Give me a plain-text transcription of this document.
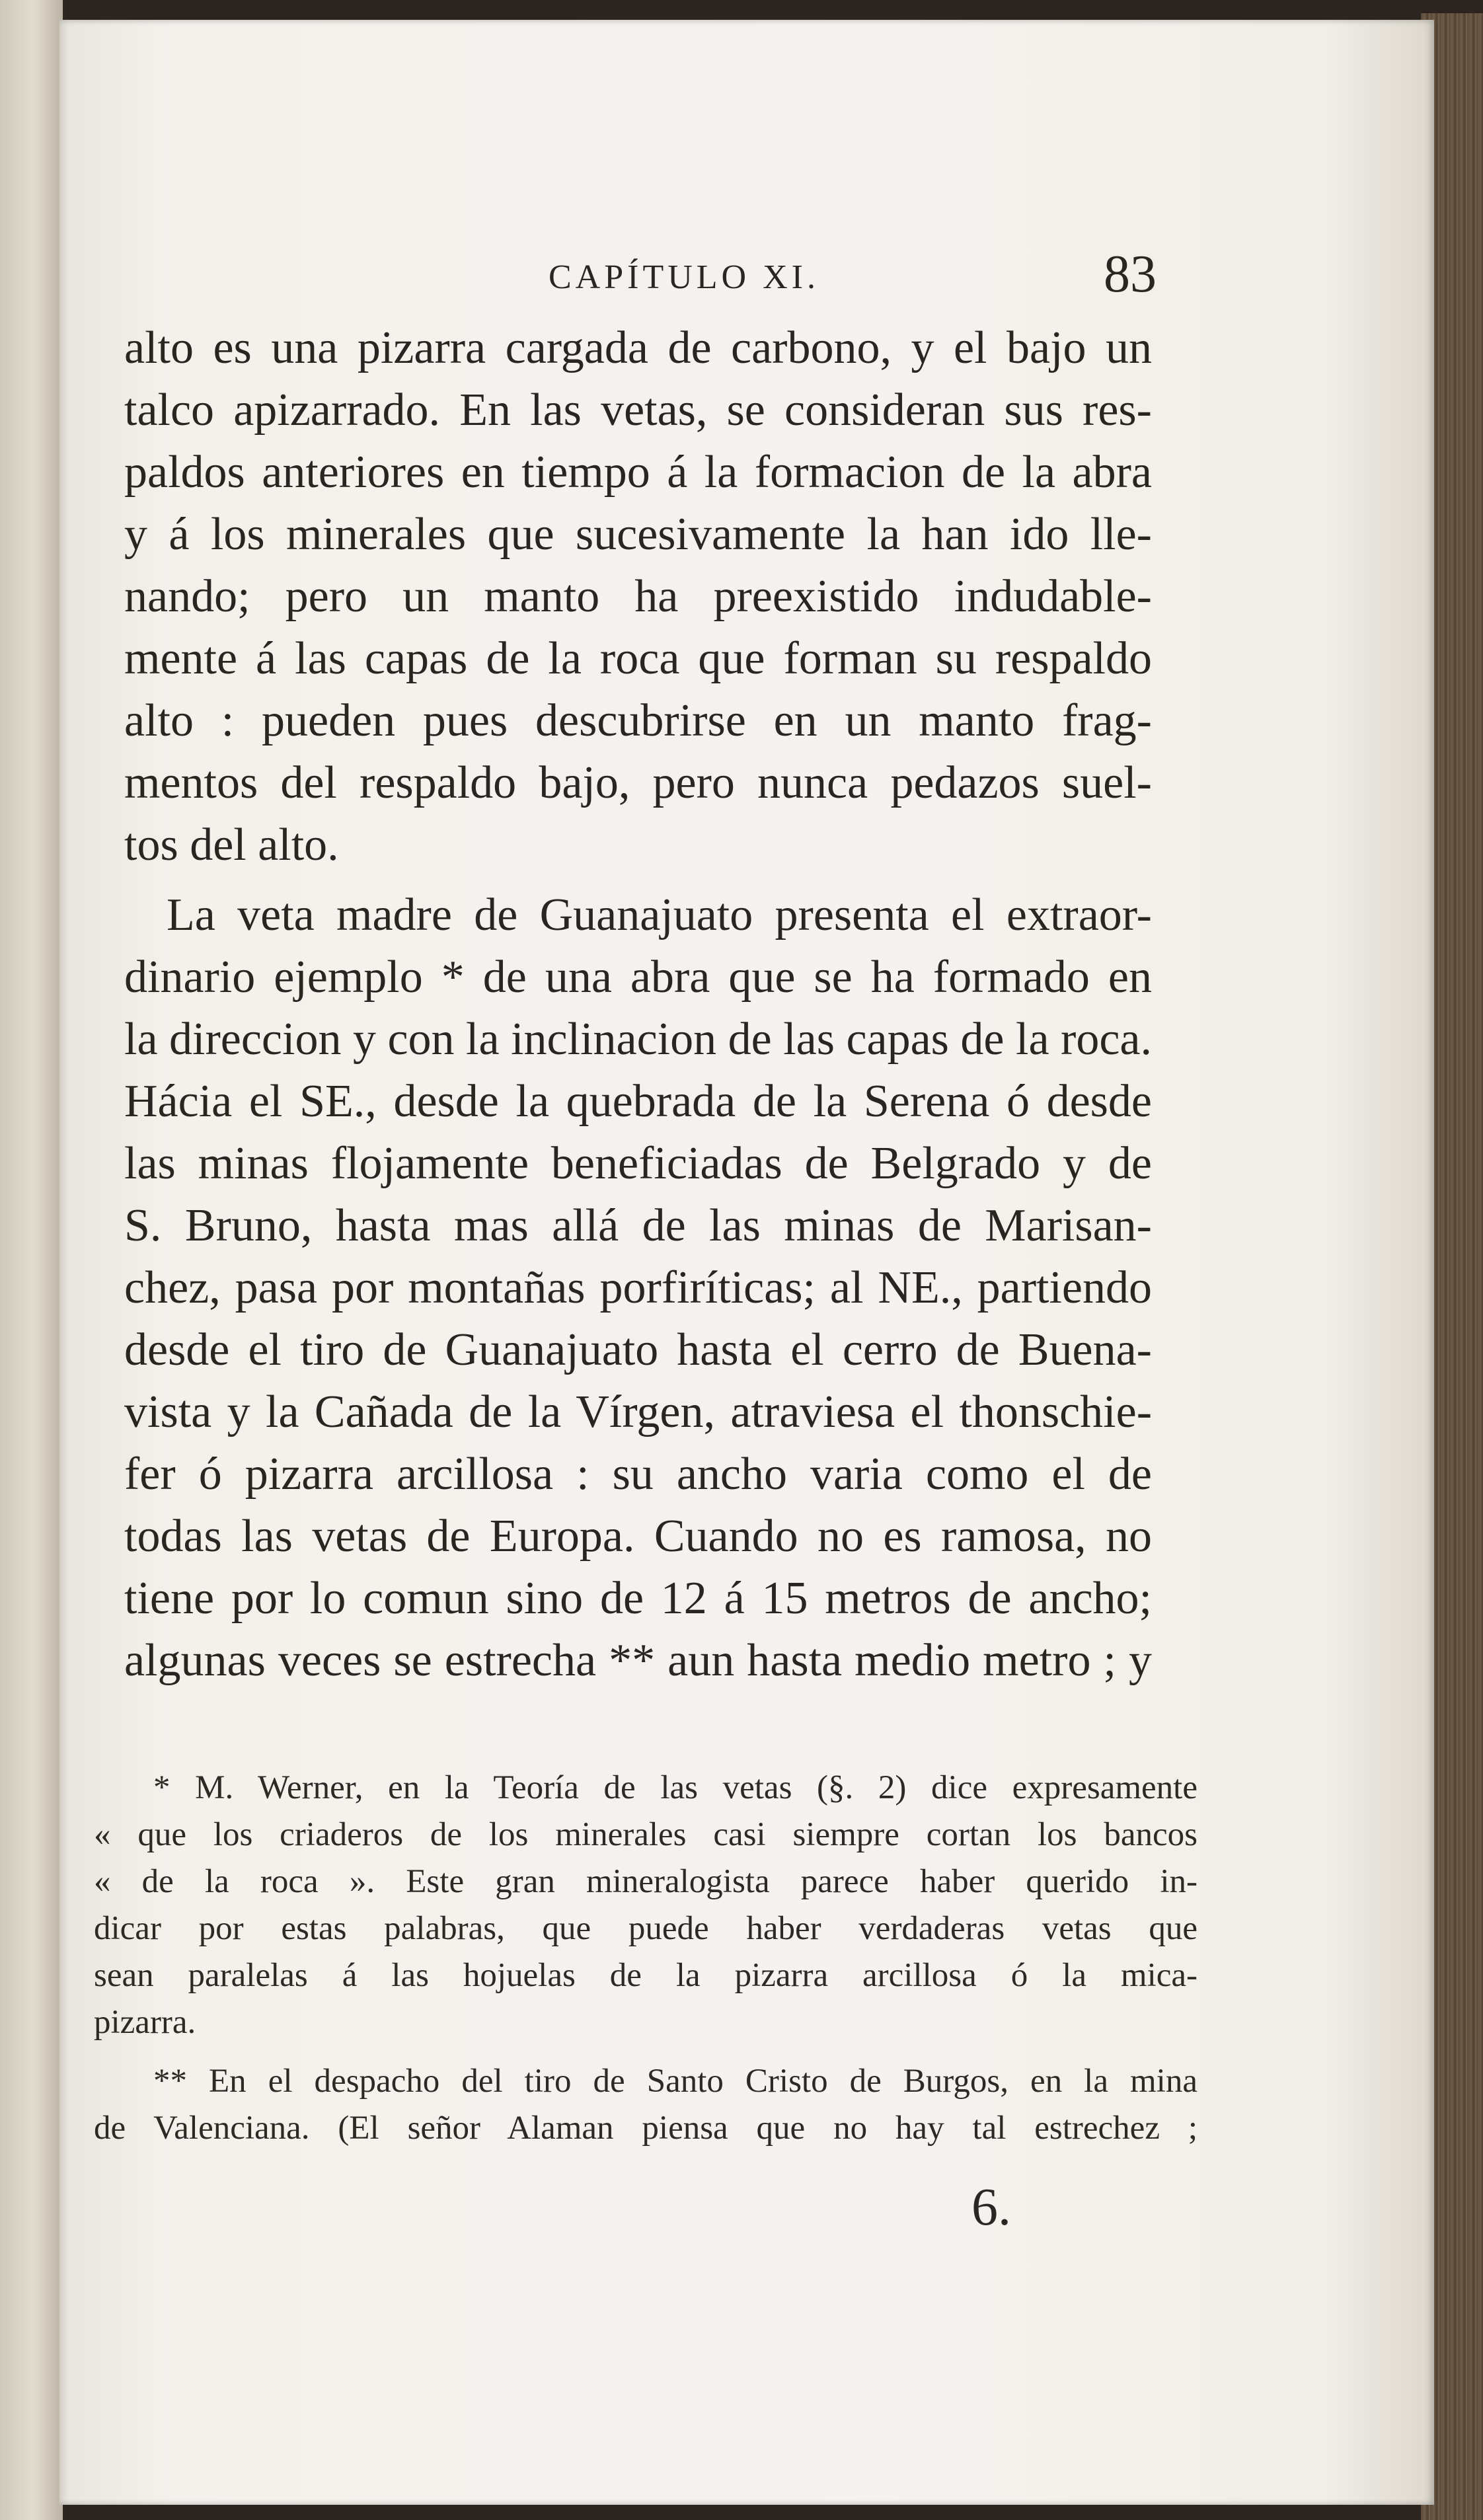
CAPÍTULO XI.	83
alto es una pizarra cargada de carbono, y el bajo un
talco apizarrado. En las vetas, se consideran sus res-
paldos anteriores en tiempo á la formacion de la abra
y á los minerales que sucesivamente la han ido lle-
nando; pero un manto ha preexistido indudable-
mente á las capas de la roca que forman su respaldo
alto : pueden pues descubrirse en un manto frag-
mentos del respaldo bajo, pero nunca pedazos suel-
tos del alto.
La veta madre de Guanajuato presenta el extraor-
dinario ejemplo * de una abra que se ha formado en
la direccion y con la inclinacion de las capas de la roca.
Hácia el SE., desde la quebrada de la Serena ó desde
las minas flojamente beneficiadas de Belgrado y de
S. Bruno, hasta mas allá de las minas de Marisan-
chez, pasa por montañas porfiríticas; al NE., partiendo
desde el tiro de Guanajuato hasta el cerro de Buena-
vista y la Cañada de la Vírgen, atraviesa el thonschie-
fer ó pizarra arcillosa : su ancho varia como el de
todas las vetas de Europa. Cuando no es ramosa, no
tiene por lo comun sino de 12 á 15 metros de ancho;
algunas veces se estrecha ** aun hasta medio metro ; y
* M. Werner, en la Teoría de las vetas (§. 2) dice expresamente
« que los criaderos de los minerales casi siempre cortan los bancos
« de la roca ». Este gran mineralogista parece haber querido in-
dicar por estas palabras, que puede haber verdaderas vetas que
sean paralelas á las hojuelas de la pizarra arcillosa ó la mica-
pizarra.
** En el despacho del tiro de Santo Cristo de Burgos, en la mina
de Valenciana. (El señor Alaman piensa que no hay tal estrechez ;
6.
